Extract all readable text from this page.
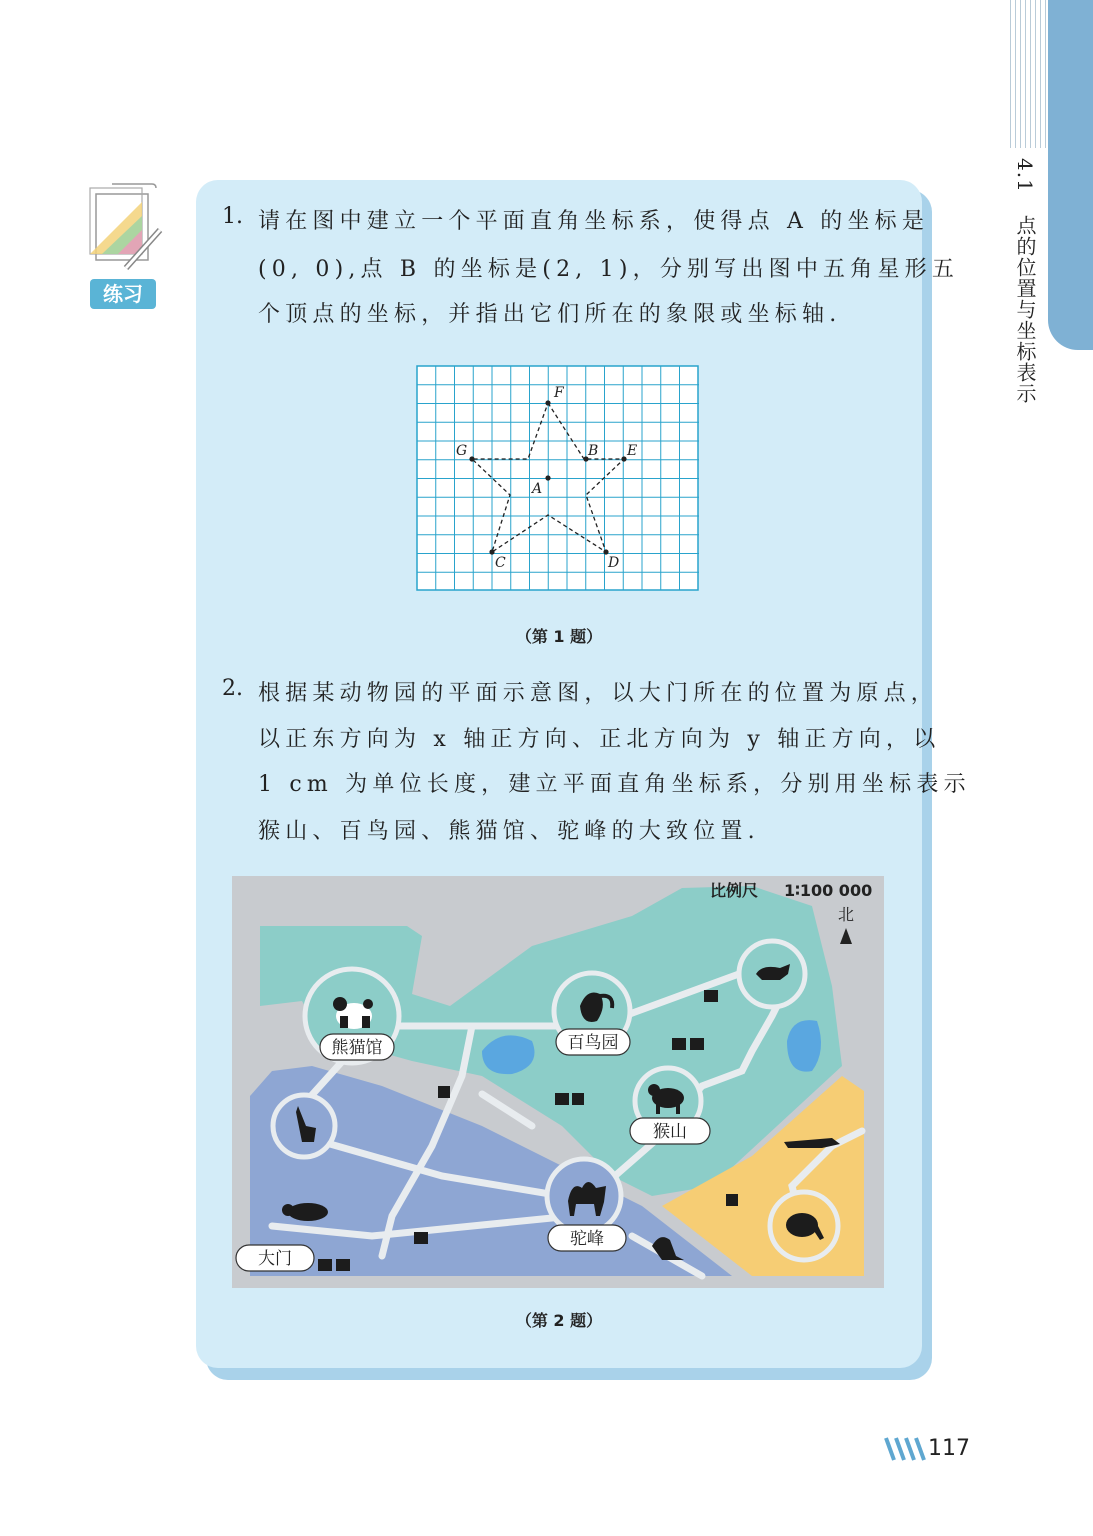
4.1点的位置与坐标表示
练习
1. 请在图中建立一个平面直角坐标系，使得点 A 的坐标是
(0, 0),点 B 的坐标是(2, 1)，分别写出图中五角星形五
个顶点的坐标，并指出它们所在的象限或坐标轴.
F
G	B E
A
C	D
（第 1 题）
2. 根据某动物园的平面示意图，以大门所在的位置为原点，
以正东方向为 x 轴正方向、正北方向为 y 轴正方向，以
1 cm 为单位长度，建立平面直角坐标系，分别用坐标表示
猴山、百鸟园、熊猫馆、驼峰的大致位置.
熊猫馆	百鸟园
猴山
驼峰
大门
比例尺 1∶100 000
北
（第 2 题）
117
